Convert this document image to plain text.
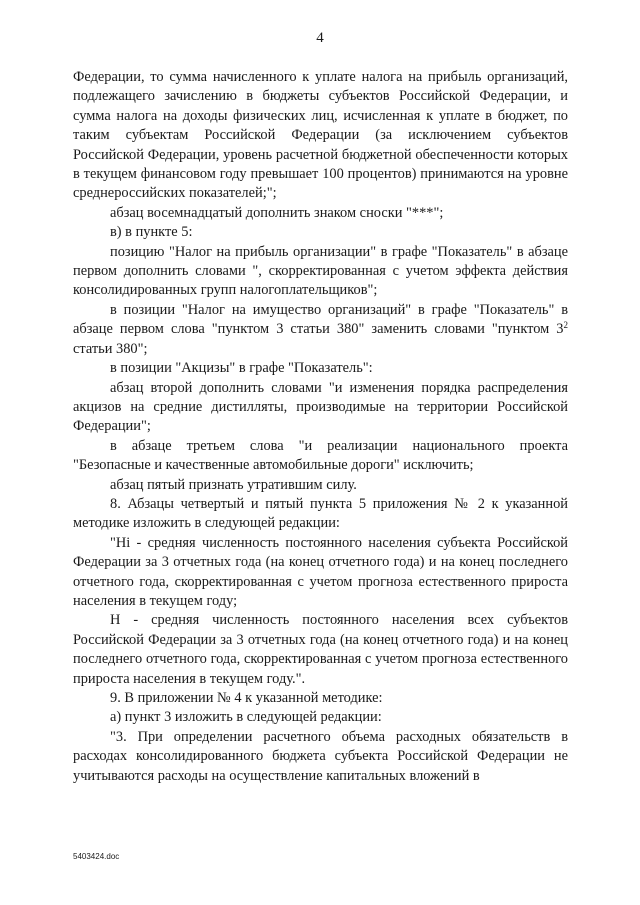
4

Федерации, то сумма начисленного к уплате налога на прибыль организаций, подлежащего зачислению в бюджеты субъектов Российской Федерации, и сумма налога на доходы физических лиц, исчисленная к уплате в бюджет, по таким субъектам Российской Федерации (за исключением субъектов Российской Федерации, уровень расчетной бюджетной обеспеченности которых в текущем финансовом году превышает 100 процентов) принимаются на уровне среднероссийских показателей;";

абзац восемнадцатый дополнить знаком сноски "***";

в) в пункте 5:

позицию "Налог на прибыль организации" в графе "Показатель" в абзаце первом дополнить словами ", скорректированная с учетом эффекта действия консолидированных групп налогоплательщиков";

в позиции "Налог на имущество организаций" в графе "Показатель" в абзаце первом слова "пунктом 3 статьи 380" заменить словами "пунктом $3^2$ статьи 380";

в позиции "Акцизы" в графе "Показатель":

абзац второй дополнить словами "и изменения порядка распределения акцизов на средние дистилляты, производимые на территории Российской Федерации";

в абзаце третьем слова "и реализации национального проекта "Безопасные и качественные автомобильные дороги" исключить;

абзац пятый признать утратившим силу.

8. Абзацы четвертый и пятый пункта 5 приложения № 2 к указанной методике изложить в следующей редакции:

"Hi - средняя численность постоянного населения субъекта Российской Федерации за 3 отчетных года (на конец отчетного года) и на конец последнего отчетного года, скорректированная с учетом прогноза естественного прироста населения в текущем году;

Н - средняя численность постоянного населения всех субъектов Российской Федерации за 3 отчетных года (на конец отчетного года) и на конец последнего отчетного года, скорректированная с учетом прогноза естественного прироста населения в текущем году.".

9. В приложении № 4 к указанной методике:

а) пункт 3 изложить в следующей редакции:

"3. При определении расчетного объема расходных обязательств в расходах консолидированного бюджета субъекта Российской Федерации не учитываются расходы на осуществление капитальных вложений в

5403424.doc
